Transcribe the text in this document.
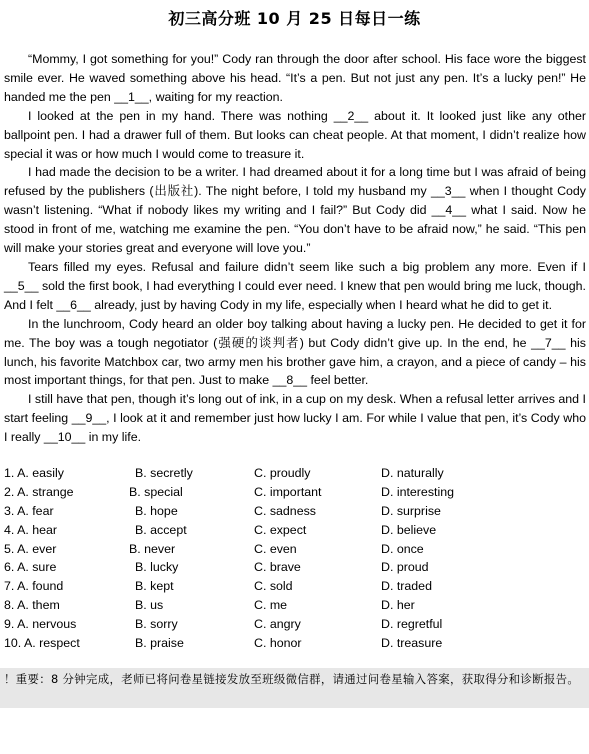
初三高分班 10 月 25 日每日一练

“Mommy, I got something for you!” Cody ran through the door after school. His face wore the biggest smile ever. He waved something above his head. “It’s a pen. But not just any pen. It’s a lucky pen!” He handed me the pen __1__, waiting for my reaction.

I looked at the pen in my hand. There was nothing __2__ about it. It looked just like any other ballpoint pen. I had a drawer full of them. But looks can cheat people. At that moment, I didn’t realize how special it was or how much I would come to treasure it.

I had made the decision to be a writer. I had dreamed about it for a long time but I was afraid of being refused by the publishers (出版社). The night before, I told my husband my __3__ when I thought Cody wasn’t listening. “What if nobody likes my writing and I fail?” But Cody did __4__ what I said. Now he stood in front of me, watching me examine the pen. “You don’t have to be afraid now,” he said. “This pen will make your stories great and everyone will love you.”

Tears filled my eyes. Refusal and failure didn’t seem like such a big problem any more. Even if I __5__ sold the first book, I had everything I could ever need. I knew that pen would bring me luck, though. And I felt __6__ already, just by having Cody in my life, especially when I heard what he did to get it.

In the lunchroom, Cody heard an older boy talking about having a lucky pen. He decided to get it for me. The boy was a tough negotiator (强硬的谈判者) but Cody didn’t give up. In the end, he __7__ his lunch, his favorite Matchbox car, two army men his brother gave him, a crayon, and a piece of candy – his most important things, for that pen. Just to make __8__ feel better.

I still have that pen, though it’s long out of ink, in a cup on my desk. When a refusal letter arrives and I start feeling __9__, I look at it and remember just how lucky I am. For while I value that pen, it’s Cody who I really __10__ in my life.

1. A. easily	B. secretly	C. proudly	D. naturally
2. A. strange	B. special	C. important	D. interesting
3. A. fear	B. hope	C. sadness	D. surprise
4. A. hear	B. accept	C. expect	D. believe
5. A. ever	B. never	C. even	D. once
6. A. sure	B. lucky	C. brave	D. proud
7. A. found	B. kept	C. sold	D. traded
8. A. them	B. us	C. me	D. her
9. A. nervous	B. sorry	C. angry	D. regretful
10. A. respect	B. praise	C. honor	D. treasure
！重要：8 分钟完成，老师已将问卷星链接发放至班级微信群，请通过问卷星输入答案，获取得分和诊断报告。
